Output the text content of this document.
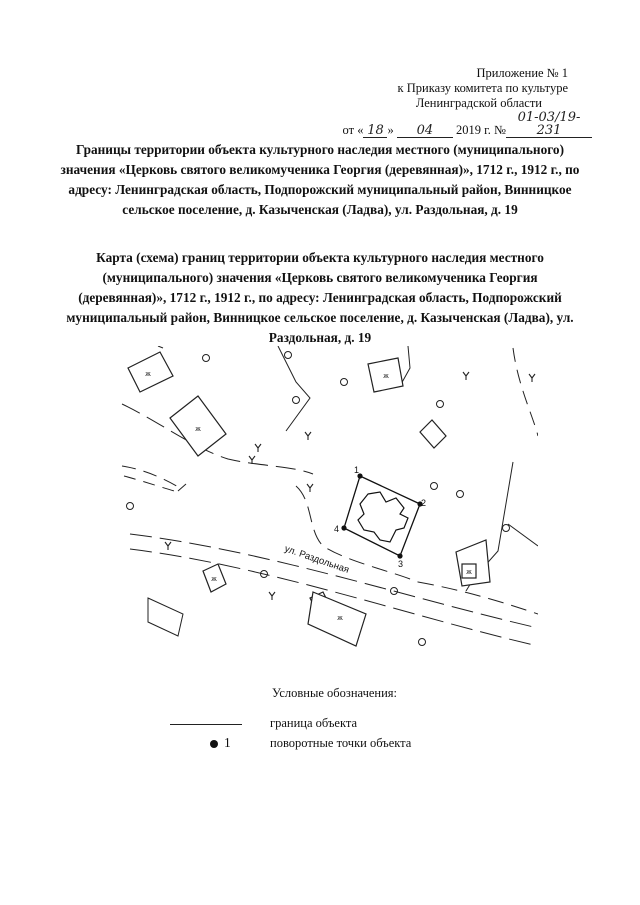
Приложение № 1
к Приказу комитета по культуре
Ленинградской области
от « 18 » 04 2019 г. №01-03/19-231

Границы территории объекта культурного наследия местного (муниципального) значения «Церковь святого великомученика Георгия (деревянная)», 1712 г., 1912 г., по адресу: Ленинградская область, Подпорожский муниципальный район, Винницкое сельское поселение, д. Казыченская (Ладва), ул. Раздольная, д. 19

Карта (схема) границ территории объекта культурного наследия местного (муниципального) значения «Церковь святого великомученика Георгия (деревянная)», 1712 г., 1912 г., по адресу: Ленинградская область, Подпорожский муниципальный район, Винницкое сельское поселение, д. Казыченская (Ладва), ул. Раздольная, д. 19

ж
ж
ж
ж
ж
ж
1
2
3
4
ул. Раздольная
Условные обозначения:
граница объекта
1	поворотные точки объекта
